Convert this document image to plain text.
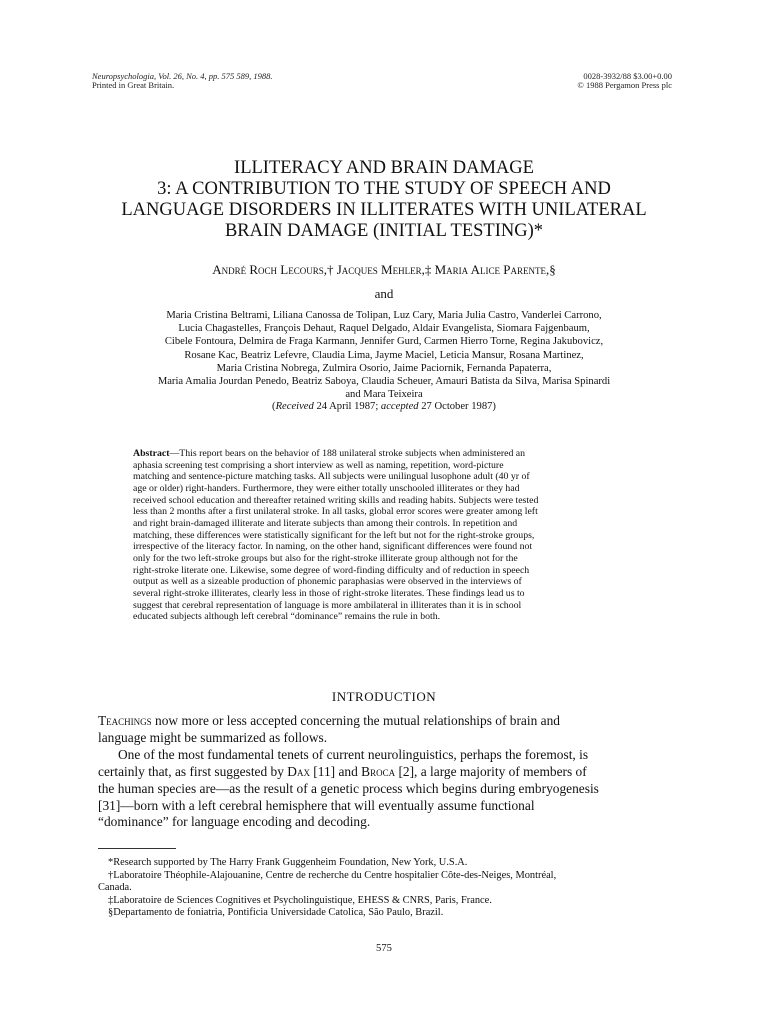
Neuropsychologia, Vol. 26, No. 4, pp. 575 589, 1988.
Printed in Great Britain.
0028-3932/88 $3.00+0.00
© 1988 Pergamon Press plc
ILLITERACY AND BRAIN DAMAGE
3: A CONTRIBUTION TO THE STUDY OF SPEECH AND
LANGUAGE DISORDERS IN ILLITERATES WITH UNILATERAL
BRAIN DAMAGE (INITIAL TESTING)*
André Roch Lecours,† Jacques Mehler,‡ Maria Alice Parente,§
and
Maria Cristina Beltrami, Liliana Canossa de Tolipan, Luz Cary, Maria Julia Castro, Vanderlei Carrono,
Lucia Chagastelles, François Dehaut, Raquel Delgado, Aldair Evangelista, Siomara Fajgenbaum,
Cibele Fontoura, Delmira de Fraga Karmann, Jennifer Gurd, Carmen Hierro Torne, Regina Jakubovicz,
Rosane Kac, Beatriz Lefevre, Claudia Lima, Jayme Maciel, Leticia Mansur, Rosana Martinez,
Maria Cristina Nobrega, Zulmira Osorio, Jaime Paciornik, Fernanda Papaterra,
Maria Amalia Jourdan Penedo, Beatriz Saboya, Claudia Scheuer, Amauri Batista da Silva, Marisa Spinardi
and Mara Teixeira
(Received 24 April 1987; accepted 27 October 1987)
Abstract—This report bears on the behavior of 188 unilateral stroke subjects when administered an
aphasia screening test comprising a short interview as well as naming, repetition, word-picture
matching and sentence-picture matching tasks. All subjects were unilingual lusophone adult (40 yr of
age or older) right-handers. Furthermore, they were either totally unschooled illiterates or they had
received school education and thereafter retained writing skills and reading habits. Subjects were tested
less than 2 months after a first unilateral stroke. In all tasks, global error scores were greater among left
and right brain-damaged illiterate and literate subjects than among their controls. In repetition and
matching, these differences were statistically significant for the left but not for the right-stroke groups,
irrespective of the literacy factor. In naming, on the other hand, significant differences were found not
only for the two left-stroke groups but also for the right-stroke illiterate group although not for the
right-stroke literate one. Likewise, some degree of word-finding difficulty and of reduction in speech
output as well as a sizeable production of phonemic paraphasias were observed in the interviews of
several right-stroke illiterates, clearly less in those of right-stroke literates. These findings lead us to
suggest that cerebral representation of language is more ambilateral in illiterates than it is in school
educated subjects although left cerebral “dominance” remains the rule in both.
INTRODUCTION
Teachings now more or less accepted concerning the mutual relationships of brain and
language might be summarized as follows.
One of the most fundamental tenets of current neurolinguistics, perhaps the foremost, is
certainly that, as first suggested by Dax [11] and Broca [2], a large majority of members of
the human species are—as the result of a genetic process which begins during embryogenesis
[31]—born with a left cerebral hemisphere that will eventually assume functional
“dominance” for language encoding and decoding.
*Research supported by The Harry Frank Guggenheim Foundation, New York, U.S.A.
†Laboratoire Théophile-Alajouanine, Centre de recherche du Centre hospitalier Côte-des-Neiges, Montréal,
Canada.
‡Laboratoire de Sciences Cognitives et Psycholinguistique, EHESS & CNRS, Paris, France.
§Departamento de foniatria, Pontificia Universidade Catolica, São Paulo, Brazil.
575
